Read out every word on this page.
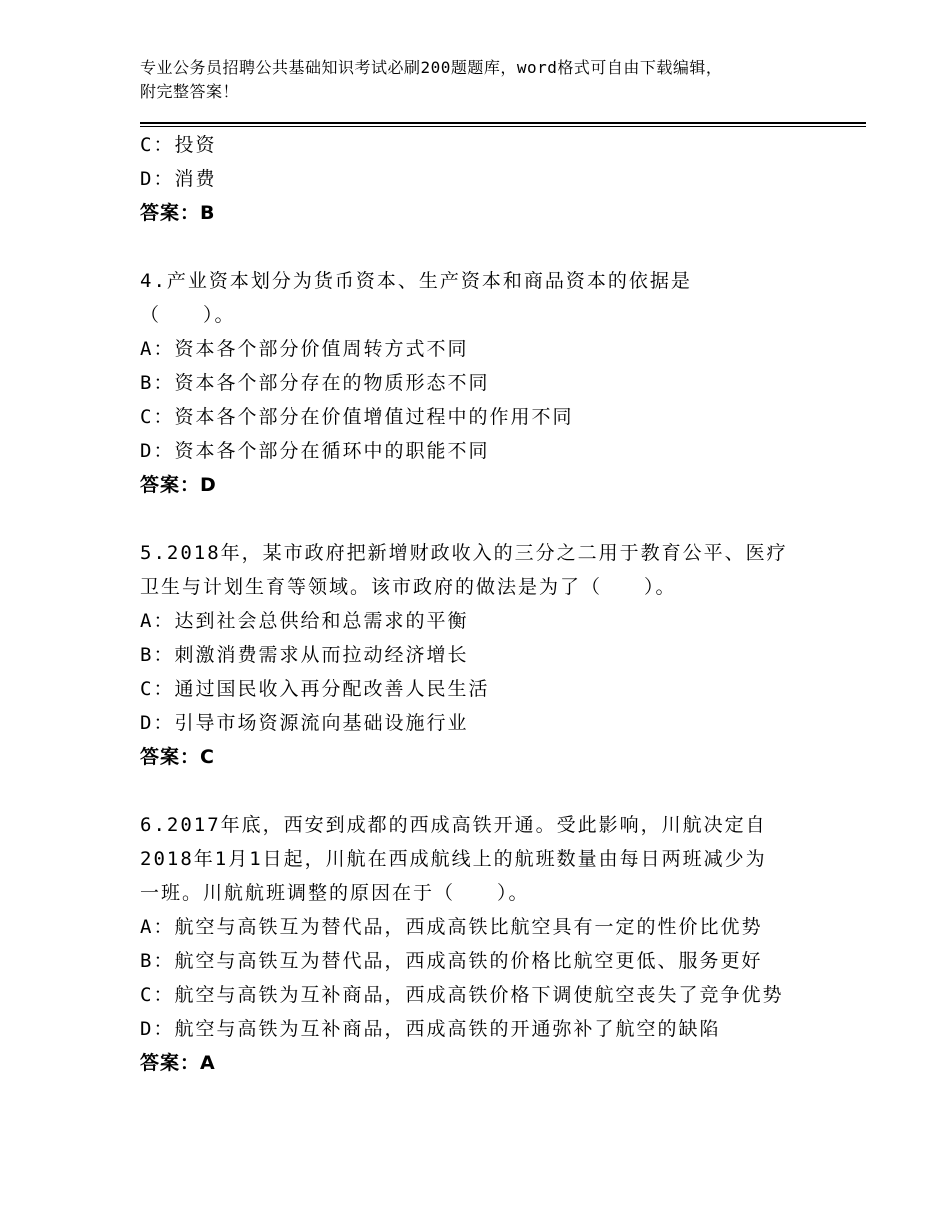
专业公务员招聘公共基础知识考试必刷200题题库，word格式可自由下载编辑，
附完整答案！
C：投资
D：消费
答案：B
4.产业资本划分为货币资本、生产资本和商品资本的依据是
（　　）。
A：资本各个部分价值周转方式不同
B：资本各个部分存在的物质形态不同
C：资本各个部分在价值增值过程中的作用不同
D：资本各个部分在循环中的职能不同
答案：D
5.2018年，某市政府把新增财政收入的三分之二用于教育公平、医疗
卫生与计划生育等领域。该市政府的做法是为了（　　）。
A：达到社会总供给和总需求的平衡
B：刺激消费需求从而拉动经济增长
C：通过国民收入再分配改善人民生活
D：引导市场资源流向基础设施行业
答案：C
6.2017年底，西安到成都的西成高铁开通。受此影响，川航决定自
2018年1月1日起，川航在西成航线上的航班数量由每日两班减少为
一班。川航航班调整的原因在于（　　）。
A：航空与高铁互为替代品，西成高铁比航空具有一定的性价比优势
B：航空与高铁互为替代品，西成高铁的价格比航空更低、服务更好
C：航空与高铁为互补商品，西成高铁价格下调使航空丧失了竞争优势
D：航空与高铁为互补商品，西成高铁的开通弥补了航空的缺陷
答案：A
